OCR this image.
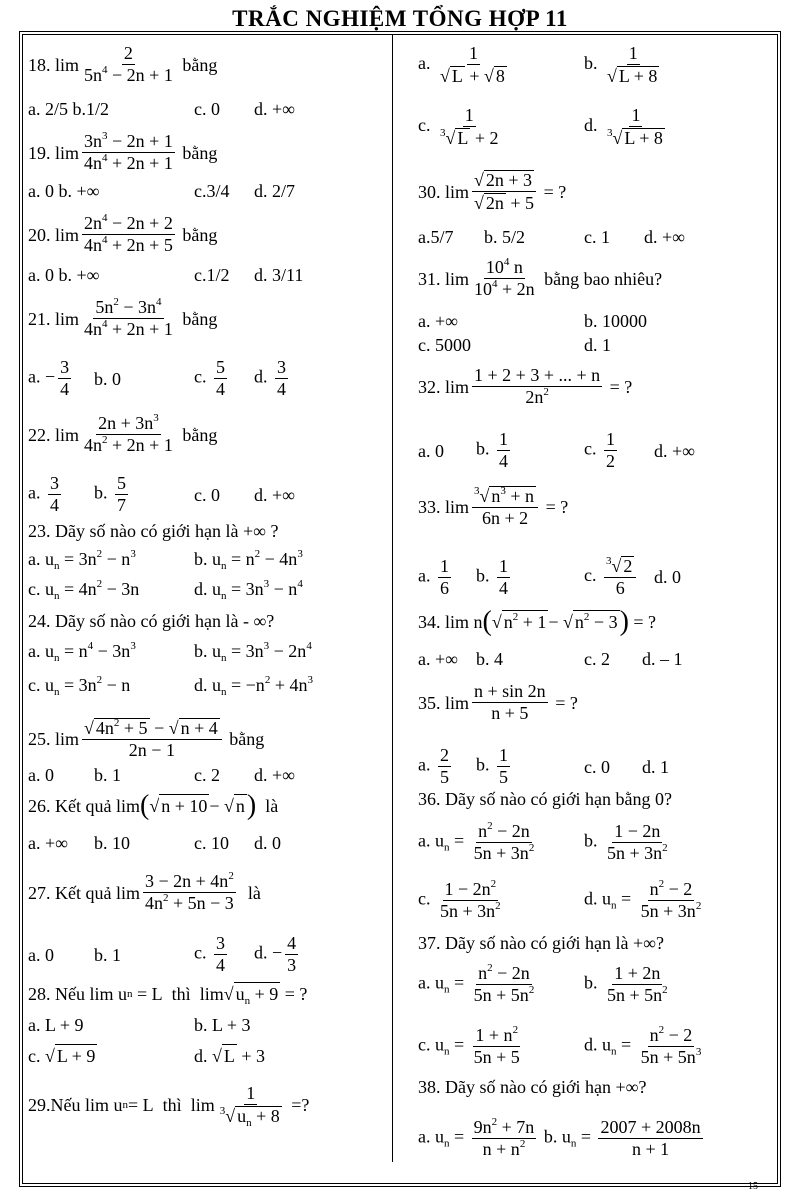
TRẮC NGHIỆM TỔNG HỢP 11
15
18.
lim
2
$5n^4 - 2n + 1$

bằng
a. 2/5 b.1/2	c. 0	d. +∞
19.
lim
$3n^3 - 2n + 1$
$4n^4 + 2n + 1$

bằng
a. 0 b. +∞	c.3/4	d. 2/7
20.
lim
$2n^4 - 2n + 2$
$4n^4 + 2n + 5$

bằng
a. 0 b. +∞	c.1/2	d. 3/11
21.
lim
$5n^2 - 3n^4$
$4n^4 + 2n + 1$

bằng
a. − $\frac{3}{4} b$. 0	c. $\frac{5}{4} d$. $\frac{3}{4}$
22.
lim
$2n + 3n^3$
$4n^2 + 2n + 1$

bằng
a. $\frac{3}{4} b$. $\frac{5}{7}$	c. 0	d. +∞
23. Dãy số nào có giới hạn là +∞ ?
a. $u_n = 3n^2 - n^3$	b. $u_n = n^2 - 4n^3$
c. $u_n = 4n^2 - 3n$	d. $u_n = 3n^3 - n^4$
24. Dãy số nào có giới hạn là - ∞?
a. $u_n = n^4 - 3n^3$	b. $u_n = 3n^3 - 2n^4$
c. $u_n = 3n^2 - n$	d. $u_n = -n^2 + 4n^3$
25.
lim
√ $4n^2 + 5$ − √ n + 4
2n − 1

bằng
a. 0	b. 1	c. 2	d. +∞
26. Kết quả
lim ( √ n + 10 − √ n )
là
a. +∞	b. 10	c. 10	d. 0
27. Kết quả
lim
$3 - 2n + 4n^2$
$4n^2 + 5n - 3$

là
a. 0	b. 1	c. $\frac{3}{4} d$. − $\frac{4}{3}$
28. Nếu
lim u n = L thì
lim √ $u_n + 9$
= ?
a. L + 9	b. L + 3
c. √ L + 9	d. √ L + 3
29.Nếu
lim u n = L thì
$\lim \frac{1}{^3√ u_n + 8}$
=?
a. $\frac{1}{√ L + √ 8}$	b. $\frac{1}{√ L + 8}$
c. $\frac{1}{^3√ L + 2}$	d. $\frac{1}{^3√ L + 8}$
30.
$\lim \frac{√ 2n + 3}{√ 2n + 5}$
= ?
a.5/7	b. 5/2	c. 1	d. +∞
31.
lim
$10^4$ n
$10^4 + 2n$

bằng bao nhiêu?
a. +∞	b. 10000
c. 5000	d. 1
32.
$\lim \frac{1 + 2 + 3 + ... + n}{2n^2}$
= ?
a. 0	b. $\frac{1}{4}$	c. $\frac{1}{2} d$. +∞
33.
$\lim \frac{^3√ n^3 + n}{6n + 2}$
= ?
a. $\frac{1}{6} b$. $\frac{1}{4}$	c. $\frac{^3√ 2}{6} d$. 0
34.
lim n ( √ $n^2 + 1$ − √ $n^2 - 3$ )
= ?
a. +∞	b. 4	c. 2	d. – 1
35.
$\lim \frac{n + \sin 2n}{n + 5}$
= ?
a. $\frac{2}{5} b$. $\frac{1}{5}$	c. 0	d. 1
36. Dãy số nào có giới hạn bằng 0?
a. $u_n = \frac{n^2 - 2n}{5n + 3n^2}$	b. $\frac{1 - 2n}{5n + 3n^2}$
c. $\frac{1 - 2n^2}{5n + 3n^2}$	d. $u_n = \frac{n^2 - 2}{5n + 3n^2}$
37. Dãy số nào có giới hạn là +∞?
a. $u_n = \frac{n^2 - 2n}{5n + 5n^2}$	b. $\frac{1 + 2n}{5n + 5n^2}$
c. $u_n = \frac{1 + n^2}{5n + 5}$	d. $u_n = \frac{n^2 - 2}{5n + 5n^3}$
38. Dãy số nào có giới hạn +∞?
a. $u_n = \frac{9n^2 + 7n}{n + n^2}$
b. $u_n = \frac{2007 + 2008n}{n + 1}$
